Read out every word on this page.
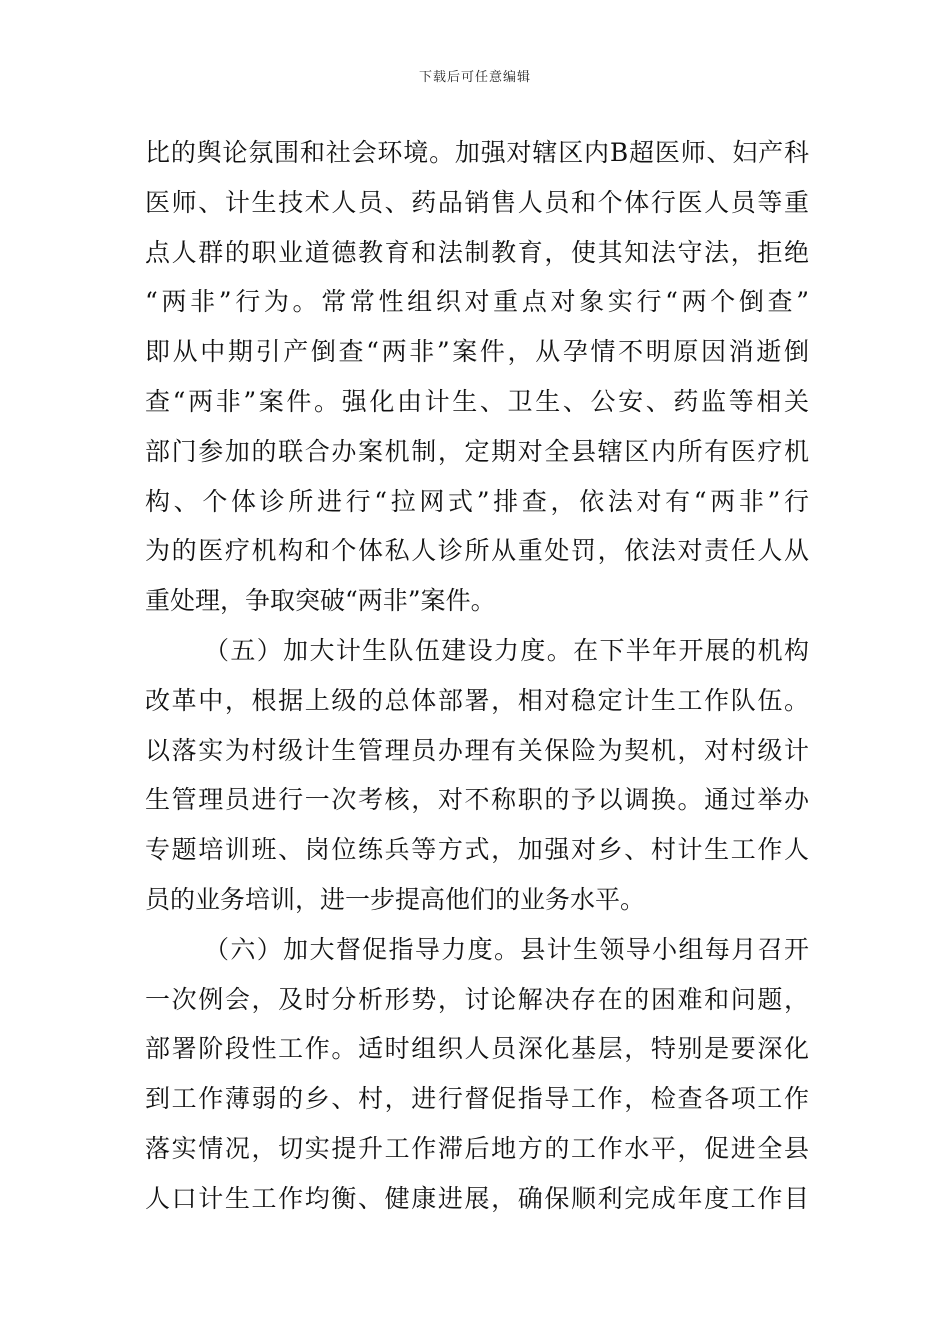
下载后可任意编辑
比的舆论氛围和社会环境。加强对辖区内B超医师、妇产科
医师、计生技术人员、药品销售人员和个体行医人员等重
点人群的职业道德教育和法制教育，使其知法守法，拒绝
“两非”行为。常常性组织对重点对象实行“两个倒查”
即从中期引产倒查“两非”案件，从孕情不明原因消逝倒
查“两非”案件。强化由计生、卫生、公安、药监等相关
部门参加的联合办案机制，定期对全县辖区内所有医疗机
构、个体诊所进行“拉网式”排查，依法对有“两非”行
为的医疗机构和个体私人诊所从重处罚，依法对责任人从
重处理，争取突破“两非”案件。
（五）加大计生队伍建设力度。在下半年开展的机构
改革中，根据上级的总体部署，相对稳定计生工作队伍。
以落实为村级计生管理员办理有关保险为契机，对村级计
生管理员进行一次考核，对不称职的予以调换。通过举办
专题培训班、岗位练兵等方式，加强对乡、村计生工作人
员的业务培训，进一步提高他们的业务水平。
（六）加大督促指导力度。县计生领导小组每月召开
一次例会，及时分析形势，讨论解决存在的困难和问题，
部署阶段性工作。适时组织人员深化基层，特别是要深化
到工作薄弱的乡、村，进行督促指导工作，检查各项工作
落实情况，切实提升工作滞后地方的工作水平，促进全县
人口计生工作均衡、健康进展，确保顺利完成年度工作目
